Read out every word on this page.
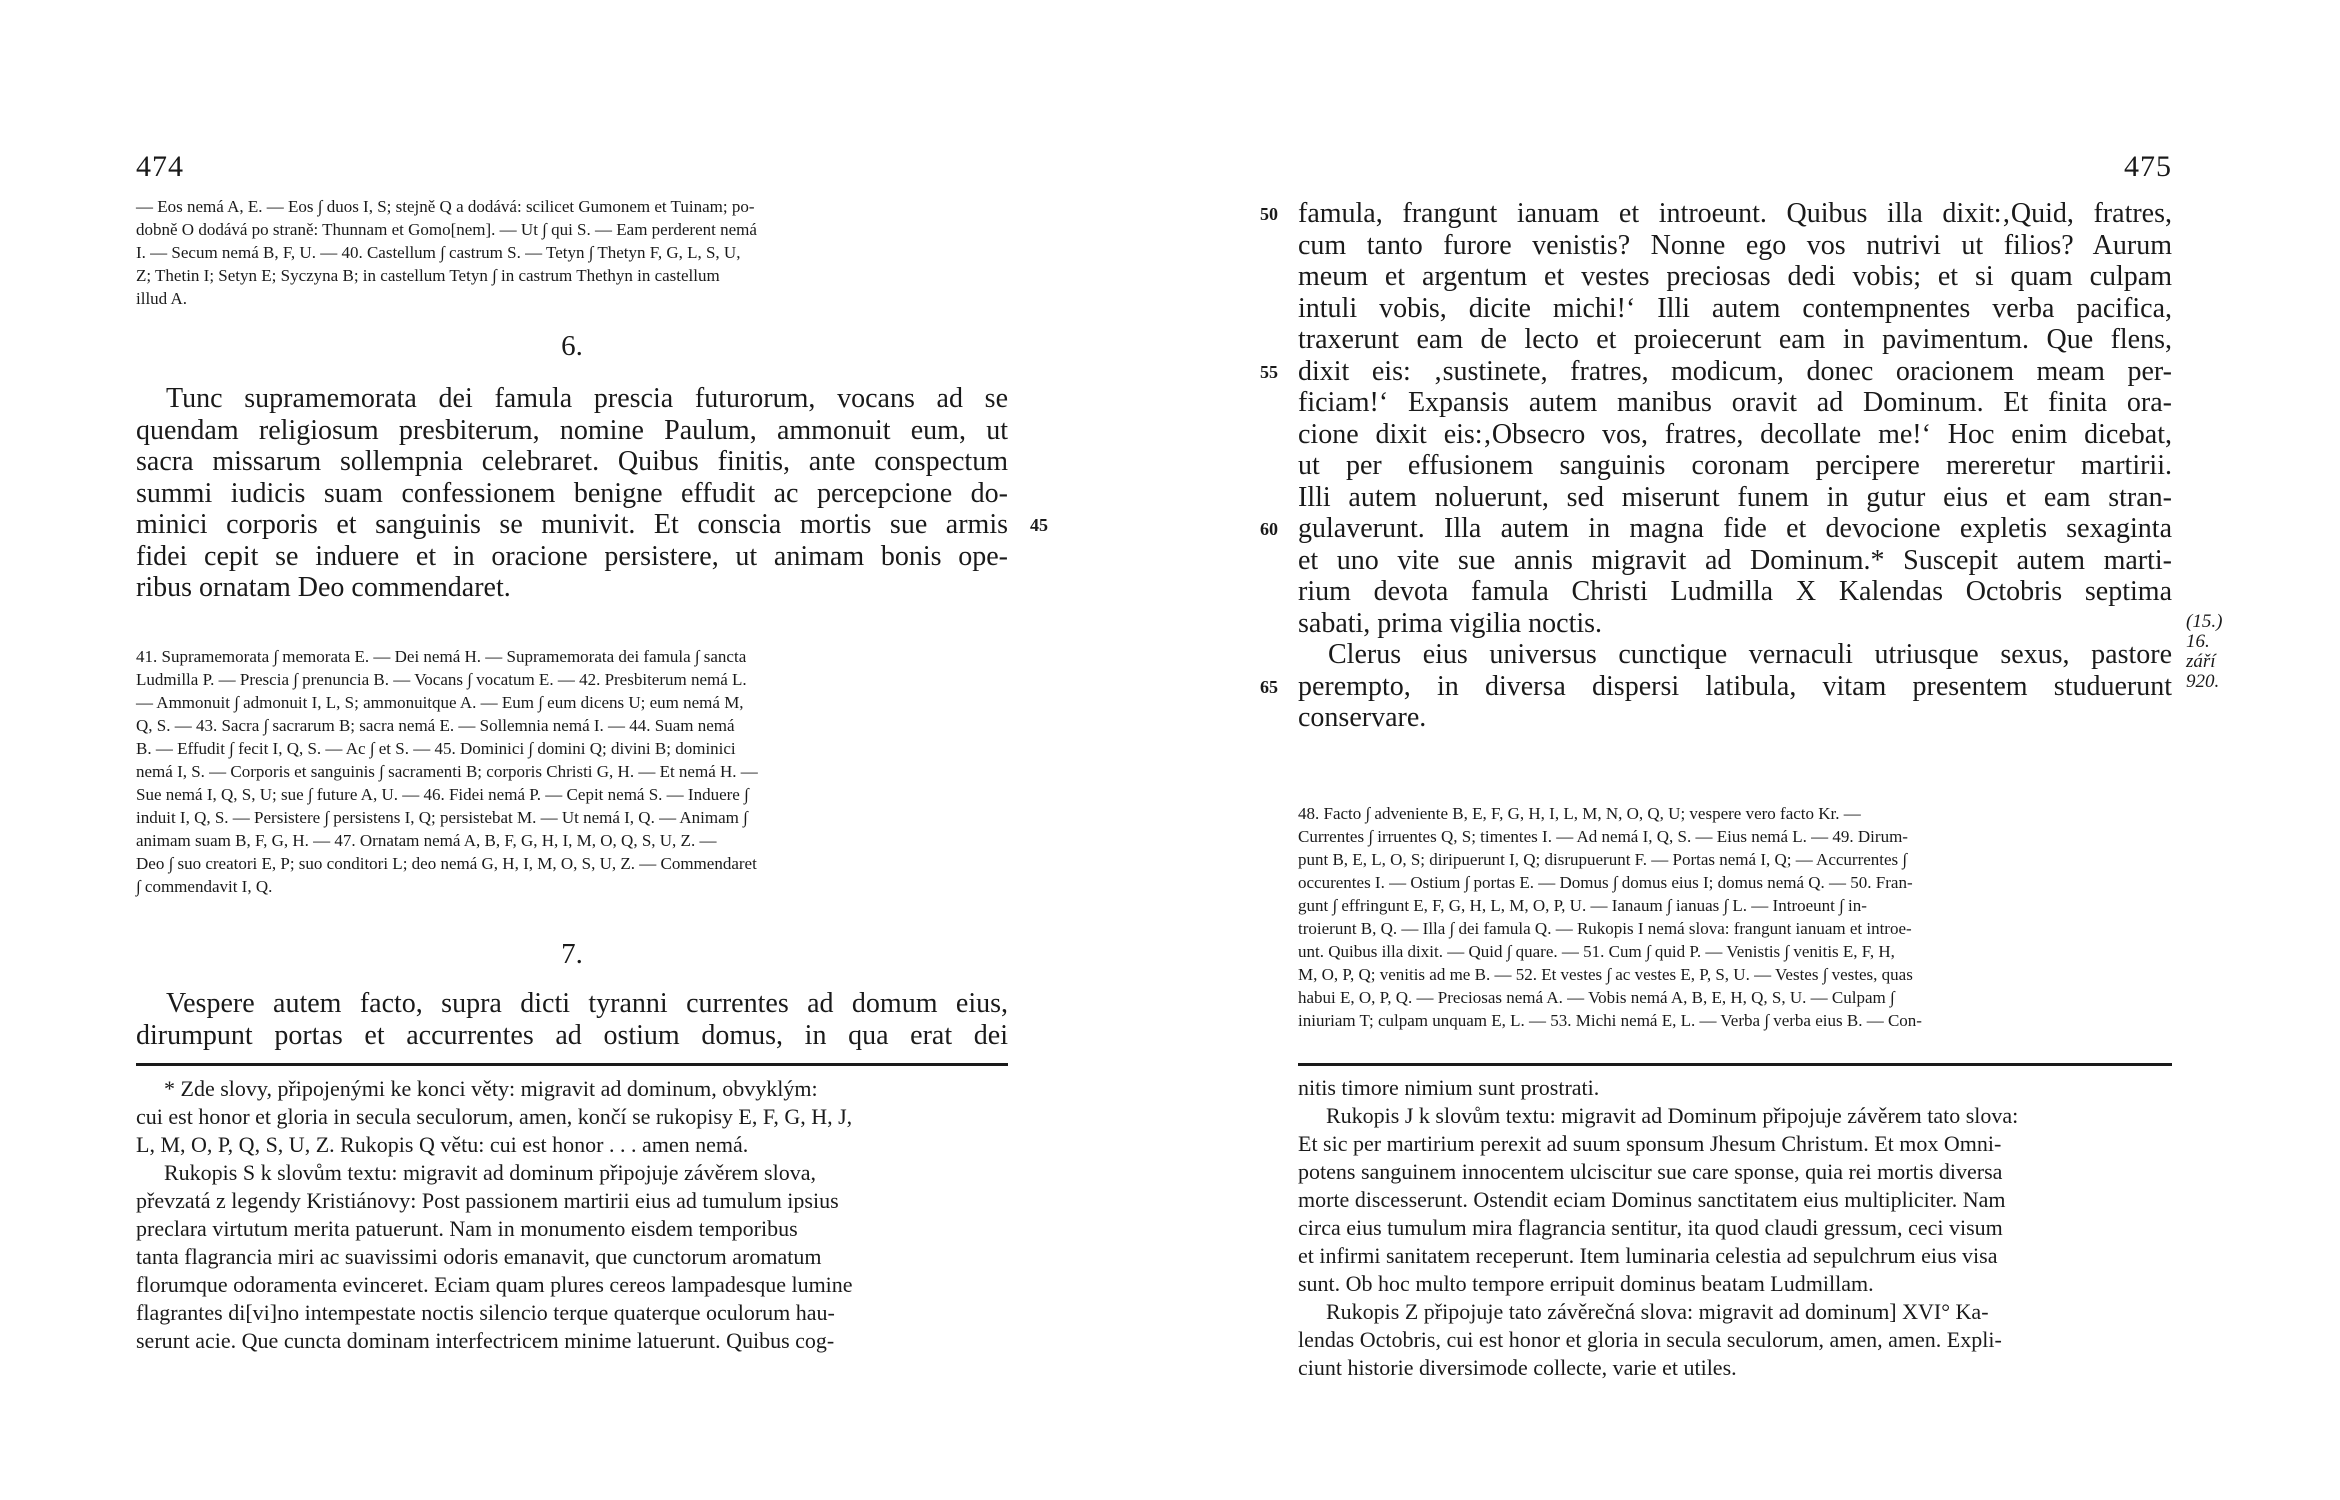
474

— Eos nemá A, E. — Eos ∫ duos I, S; stejně Q a dodává: scilicet Gumonem et Tuinam; po-

dobně O dodává po straně: Thunnam et Gomo[nem]. — Ut ∫ qui S. — Eam perderent nemá

I. — Secum nemá B, F, U. — 40. Castellum ∫ castrum S. — Tetyn ∫ Thetyn F, G, L, S, U,

Z; Thetin I; Setyn E; Syczyna B; in castellum Tetyn ∫ in castrum Thethyn in castellum

illud A.

6.

Tunc supramemorata dei famula prescia futurorum, vocans ad se

quendam religiosum presbiterum, nomine Paulum, ammonuit eum, ut

sacra missarum sollempnia celebraret. Quibus finitis, ante conspectum

summi iudicis suam confessionem benigne effudit ac percepcione do-

minici corporis et sanguinis se munivit. Et conscia mortis sue armis 45

fidei cepit se induere et in oracione persistere, ut animam bonis ope-

ribus ornatam Deo commendaret.

41. Supramemorata ∫ memorata E. — Dei nemá H. — Supramemorata dei famula ∫ sancta

Ludmilla P. — Prescia ∫ prenuncia B. — Vocans ∫ vocatum E. — 42. Presbiterum nemá L.

— Ammonuit ∫ admonuit I, L, S; ammonuitque A. — Eum ∫ eum dicens U; eum nemá M,

Q, S. — 43. Sacra ∫ sacrarum B; sacra nemá E. — Sollemnia nemá I. — 44. Suam nemá

B. — Effudit ∫ fecit I, Q, S. — Ac ∫ et S. — 45. Dominici ∫ domini Q; divini B; dominici

nemá I, S. — Corporis et sanguinis ∫ sacramenti B; corporis Christi G, H. — Et nemá H. —

Sue nemá I, Q, S, U; sue ∫ future A, U. — 46. Fidei nemá P. — Cepit nemá S. — Induere ∫

induit I, Q, S. — Persistere ∫ persistens I, Q; persistebat M. — Ut nemá I, Q. — Animam ∫

animam suam B, F, G, H. — 47. Ornatam nemá A, B, F, G, H, I, M, O, Q, S, U, Z. —

Deo ∫ suo creatori E, P; suo conditori L; deo nemá G, H, I, M, O, S, U, Z. — Commendaret

∫ commendavit I, Q.

7.

Vespere autem facto, supra dicti tyranni currentes ad domum eius,

dirumpunt portas et accurrentes ad ostium domus, in qua erat dei

* Zde slovy, připojenými ke konci věty: migravit ad dominum, obvyklým:

cui est honor et gloria in secula seculorum, amen, končí se rukopisy E, F, G, H, J,

L, M, O, P, Q, S, U, Z. Rukopis Q větu: cui est honor . . . amen nemá.

Rukopis S k slovům textu: migravit ad dominum připojuje závěrem slova,

převzatá z legendy Kristiánovy: Post passionem martirii eius ad tumulum ipsius

preclara virtutum merita patuerunt. Nam in monumento eisdem temporibus

tanta flagrancia miri ac suavissimi odoris emanavit, que cunctorum aromatum

florumque odoramenta evinceret. Eciam quam plures cereos lampadesque lumine

flagrantes di[vi]no intempestate noctis silencio terque quaterque oculorum hau-

serunt acie. Que cuncta dominam interfectricem minime latuerunt. Quibus cog-

475

famula, frangunt ianuam et introeunt. Quibus illa dixit:‚Quid, fratres,

50

cum tanto furore venistis? Nonne ego vos nutrivi ut filios? Aurum

meum et argentum et vestes preciosas dedi vobis; et si quam culpam

intuli vobis, dicite michi!‘ Illi autem contempnentes verba pacifica,

traxerunt eam de lecto et proiecerunt eam in pavimentum. Que flens,

dixit eis: ‚sustinete, fratres, modicum, donec oracionem meam per-

55

ficiam!‘ Expansis autem manibus oravit ad Dominum. Et finita ora-

cione dixit eis:‚Obsecro vos, fratres, decollate me!‘ Hoc enim dicebat,

ut per effusionem sanguinis coronam percipere mereretur martirii.

Illi autem noluerunt, sed miserunt funem in gutur eius et eam stran-

gulaverunt. Illa autem in magna fide et devocione expletis sexaginta

60

et uno vite sue annis migravit ad Dominum.* Suscepit autem marti-

rium devota famula Christi Ludmilla X Kalendas Octobris septima

sabati, prima vigilia noctis.

Clerus eius universus cunctique vernaculi utriusque sexus, pastore

perempto, in diversa dispersi latibula, vitam presentem studuerunt

65

conservare.

(15.) 16.
září 920.

48. Facto ∫ adveniente B, E, F, G, H, I, L, M, N, O, Q, U; vespere vero facto Kr. —

Currentes ∫ irruentes Q, S; timentes I. — Ad nemá I, Q, S. — Eius nemá L. — 49. Dirum-

punt B, E, L, O, S; diripuerunt I, Q; disrupuerunt F. — Portas nemá I, Q; — Accurrentes ∫

occurentes I. — Ostium ∫ portas E. — Domus ∫ domus eius I; domus nemá Q. — 50. Fran-

gunt ∫ effringunt E, F, G, H, L, M, O, P, U. — Ianaum ∫ ianuas ∫ L. — Introeunt ∫ in-

troierunt B, Q. — Illa ∫ dei famula Q. — Rukopis I nemá slova: frangunt ianuam et introe-

unt. Quibus illa dixit. — Quid ∫ quare. — 51. Cum ∫ quid P. — Venistis ∫ venitis E, F, H,

M, O, P, Q; venitis ad me B. — 52. Et vestes ∫ ac vestes E, P, S, U. — Vestes ∫ vestes, quas

habui E, O, P, Q. — Preciosas nemá A. — Vobis nemá A, B, E, H, Q, S, U. — Culpam ∫

iniuriam T; culpam unquam E, L. — 53. Michi nemá E, L. — Verba ∫ verba eius B. — Con-

nitis timore nimium sunt prostrati.

Rukopis J k slovům textu: migravit ad Dominum připojuje závěrem tato slova:

Et sic per martirium perexit ad suum sponsum Jhesum Christum. Et mox Omni-

potens sanguinem innocentem ulciscitur sue care sponse, quia rei mortis diversa

morte discesserunt. Ostendit eciam Dominus sanctitatem eius multipliciter. Nam

circa eius tumulum mira flagrancia sentitur, ita quod claudi gressum, ceci visum

et infirmi sanitatem receperunt. Item luminaria celestia ad sepulchrum eius visa

sunt. Ob hoc multo tempore erripuit dominus beatam Ludmillam.

Rukopis Z připojuje tato závěrečná slova: migravit ad dominum] XVI° Ka-

lendas Octobris, cui est honor et gloria in secula seculorum, amen, amen. Expli-

ciunt historie diversimode collecte, varie et utiles.
